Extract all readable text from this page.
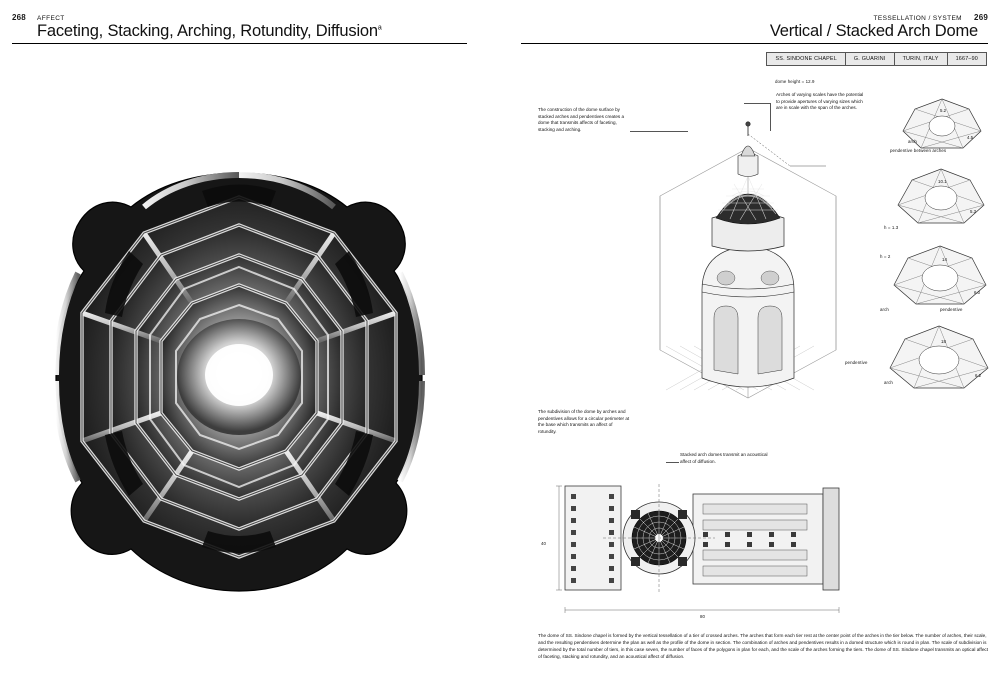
268 AFFECT
Faceting, Stacking, Arching, Rotundity, Diffusion$^a$
269
TESSELLATION / SYSTEM
Vertical / Stacked Arch Dome
SS. SINDONE CHAPEL	G. GUARINI	TURIN, ITALY	1667–90
dome height = 12.9
Arches of varying scales have the potential to provide apertures of varying sizes which are in scale with the span of the arches.
The construction of the dome surface by stacked arches and pendentives creates a dome that transmits affects of faceting, stacking and arching.
The subdivision of the dome by arches and pendentives allows for a circular perimeter at the base which transmits an affect of rotundity.
Stacked arch domes transmit an acoustical affect of diffusion.
5.2
4.5
arch
pendentive between arches
10.1
5.3
h = 1.3
14
6.0
arch	pendentive
h = 2
18
6.2
pendentive
arch
40
80
The dome of SS. Sindone chapel is formed by the vertical tessellation of a tier of crossed arches. The arches that form each tier rest at the center point of the arches in the tier below. The number of arches, their scale, and the resulting pendentives determine the plan as well as the profile of the dome in section. The combination of arches and pendentives results in a domed structure which is round in plan. The scale of subdivision is determined by the total number of tiers, in this case seven, the number of faces of the polygons in plan for each, and the scale of the arches forming the tiers. The dome of SS. Sindone chapel transmits an optical affect of faceting, stacking and rotundity, and an acoustical affect of diffusion.
